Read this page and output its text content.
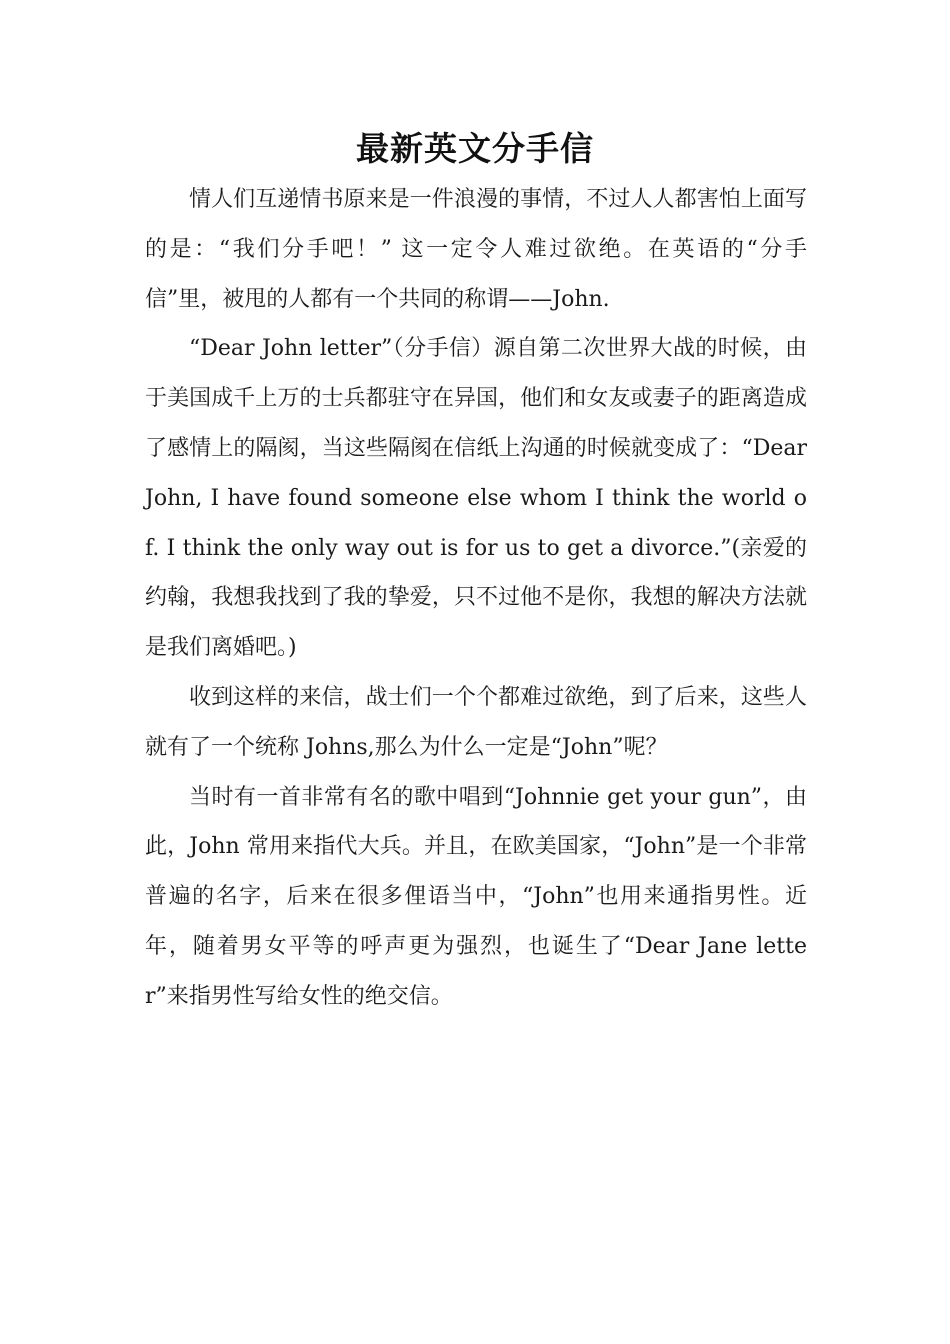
最新英文分手信

情人们互递情书原来是一件浪漫的事情，不过人人都害怕上面写的是：“我们分手吧！” 这一定令人难过欲绝。在英语的“分手信”里，被甩的人都有一个共同的称谓——John.

“Dear John letter”（分手信）源自第二次世界大战的时候，由于美国成千上万的士兵都驻守在异国，他们和女友或妻子的距离造成了感情上的隔阂，当这些隔阂在信纸上沟通的时候就变成了：“Dear John, I have found someone else whom I think the world of. I think the only way out is for us to get a divorce.”(亲爱的约翰，我想我找到了我的挚爱，只不过他不是你，我想的解决方法就是我们离婚吧。)

收到这样的来信，战士们一个个都难过欲绝，到了后来，这些人就有了一个统称 Johns,那么为什么一定是“John”呢？

当时有一首非常有名的歌中唱到“Johnnie get your gun”，由此，John 常用来指代大兵。并且，在欧美国家，“John”是一个非常普遍的名字，后来在很多俚语当中，“John”也用来通指男性。近年，随着男女平等的呼声更为强烈，也诞生了“Dear Jane letter”来指男性写给女性的绝交信。
